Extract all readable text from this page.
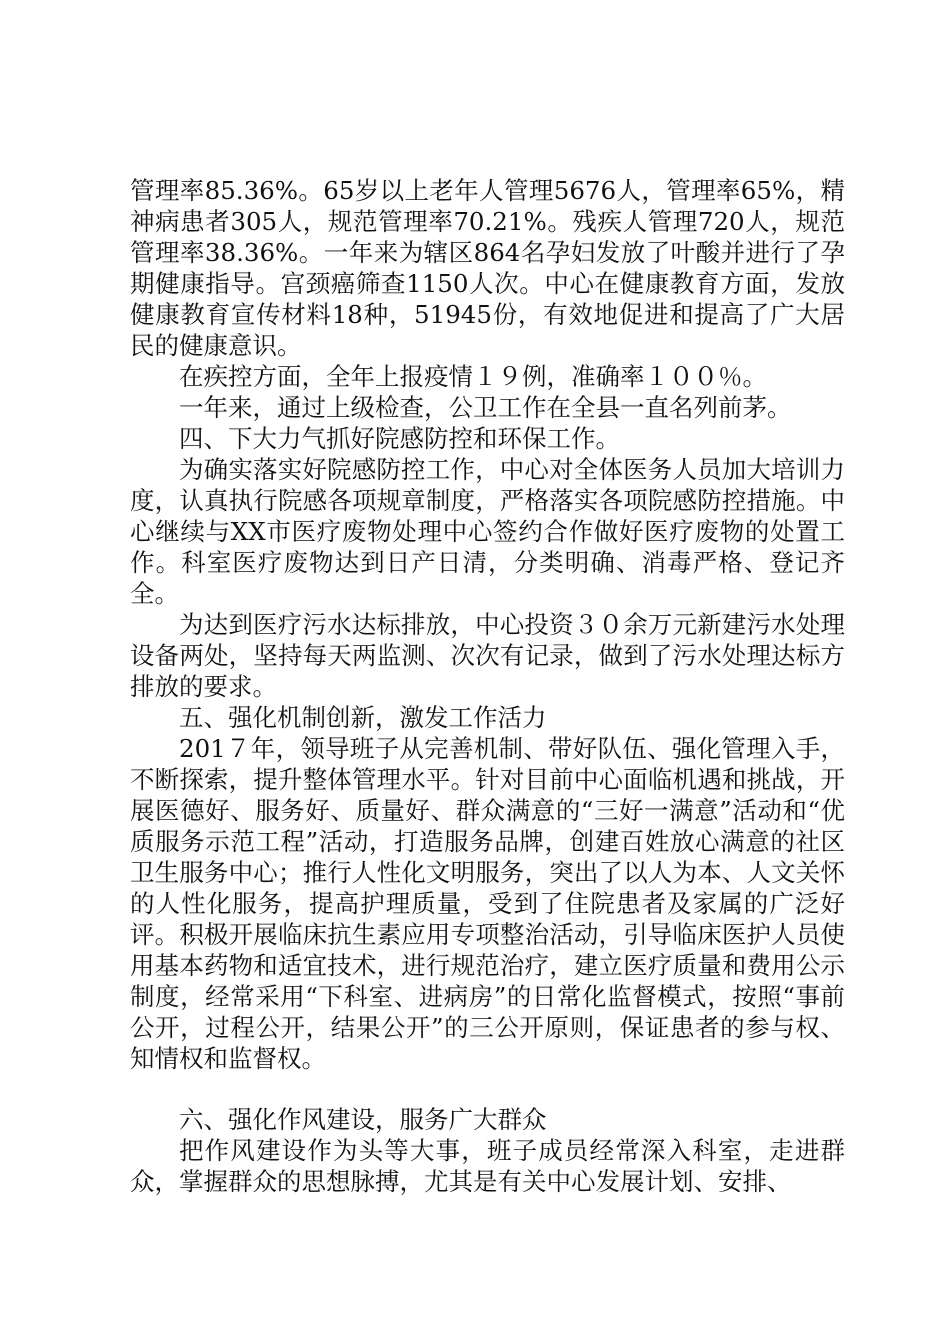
管理率85.36%。65岁以上老年人管理5676人，管理率65%，精神病患者305人，规范管理率70.21%。残疾人管理720人，规范管理率38.36%。一年来为辖区864名孕妇发放了叶酸并进行了孕期健康指导。宫颈癌筛查1150人次。中心在健康教育方面，发放健康教育宣传材料18种，51945份，有效地促进和提高了广大居民的健康意识。

在疾控方面，全年上报疫情１９例，准确率１００％。

一年来，通过上级检查，公卫工作在全县一直名列前茅。

四、下大力气抓好院感防控和环保工作。

为确实落实好院感防控工作，中心对全体医务人员加大培训力度，认真执行院感各项规章制度，严格落实各项院感防控措施。中心继续与XX市医疗废物处理中心签约合作做好医疗废物的处置工作。科室医疗废物达到日产日清，分类明确、消毒严格、登记齐全。

为达到医疗污水达标排放，中心投资３０余万元新建污水处理设备两处，坚持每天两监测、次次有记录，做到了污水处理达标方排放的要求。

五、强化机制创新，激发工作活力

201７年，领导班子从完善机制、带好队伍、强化管理入手，不断探索，提升整体管理水平。针对目前中心面临机遇和挑战，开展医德好、服务好、质量好、群众满意的“三好一满意”活动和“优质服务示范工程”活动，打造服务品牌，创建百姓放心满意的社区卫生服务中心；推行人性化文明服务，突出了以人为本、人文关怀的人性化服务，提高护理质量，受到了住院患者及家属的广泛好评。积极开展临床抗生素应用专项整治活动，引导临床医护人员使用基本药物和适宜技术，进行规范治疗，建立医疗质量和费用公示制度，经常采用“下科室、进病房”的日常化监督模式，按照“事前公开，过程公开，结果公开”的三公开原则，保证患者的参与权、知情权和监督权。

六、强化作风建设，服务广大群众

把作风建设作为头等大事，班子成员经常深入科室，走进群众，掌握群众的思想脉搏，尤其是有关中心发展计划、安排、
